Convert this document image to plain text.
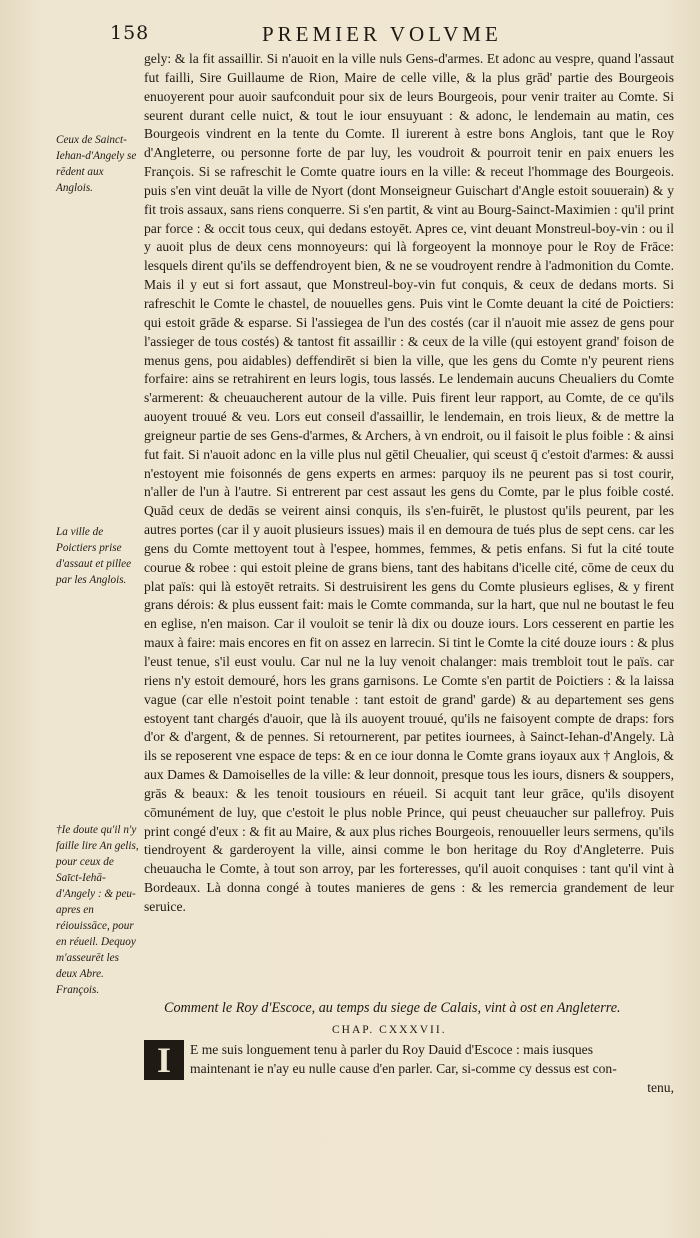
158	PREMIER VOLVME
Ceux de Sainct-Iehan-d'Angely se rēdent aux Anglois.
La ville de Poictiers prise d'assaut et pillee par les Anglois.
†Ie doute qu'il n'y faille lire An gelis, pour ceux de Saīct-Iehā-d'Angely : & peu-apres en réiouissāce, pour en réueil. Dequoy m'asseurēt les deux Abre. François.

gely: & la fit assaillir. Si n'auoit en la ville nuls Gens-d'armes. Et adonc au vespre, quand l'assaut fut failli, Sire Guillaume de Rion, Maire de celle ville, & la plus grād' partie des Bourgeois enuoyerent pour auoir saufconduit pour six de leurs Bourgeois, pour venir traiter au Comte. Si seurent durant celle nuict, & tout le iour ensuyuant : & adonc, le lendemain au matin, ces Bourgeois vindrent en la tente du Comte. Il iurerent à estre bons Anglois, tant que le Roy d'Angleterre, ou personne forte de par luy, les voudroit & pourroit tenir en paix enuers les François. Si se rafreschit le Comte quatre iours en la ville: & receut l'hommage des Bourgeois. puis s'en vint deuāt la ville de Nyort (dont Monseigneur Guischart d'Angle estoit souuerain) & y fit trois assaux, sans riens conquerre. Si s'en partit, & vint au Bourg-Sainct-Maximien : qu'il print par force : & occit tous ceux, qui dedans estoyēt. Apres ce, vint deuant Monstreul-boy-vin : ou il y auoit plus de deux cens monnoyeurs: qui là forgeoyent la monnoye pour le Roy de Frāce: lesquels dirent qu'ils se deffendroyent bien, & ne se voudroyent rendre à l'admonition du Comte. Mais il y eut si fort assaut, que Monstreul-boy-vin fut conquis, & ceux de dedans morts. Si rafreschit le Comte le chastel, de nouuelles gens. Puis vint le Comte deuant la cité de Poictiers: qui estoit grāde & esparse. Si l'assiegea de l'un des costés (car il n'auoit mie assez de gens pour l'assieger de tous costés) & tantost fit assaillir : & ceux de la ville (qui estoyent grand' foison de menus gens, pou aidables) deffendirēt si bien la ville, que les gens du Comte n'y peurent riens forfaire: ains se retrahirent en leurs logis, tous lassés. Le lendemain aucuns Cheualiers du Comte s'armerent: & cheuaucherent autour de la ville. Puis firent leur rapport, au Comte, de ce qu'ils auoyent trouué & veu. Lors eut conseil d'assaillir, le lendemain, en trois lieux, & de mettre la greigneur partie de ses Gens-d'armes, & Archers, à vn endroit, ou il faisoit le plus foible : & ainsi fut fait. Si n'auoit adonc en la ville plus nul gētil Cheualier, qui sceust q̄ c'estoit d'armes: & aussi n'estoyent mie foisonnés de gens experts en armes: parquoy ils ne peurent pas si tost courir, n'aller de l'un à l'autre. Si entrerent par cest assaut les gens du Comte, par le plus foible costé. Quād ceux de dedās se veirent ainsi conquis, ils s'en-fuirēt, le plustost qu'ils peurent, par les autres portes (car il y auoit plusieurs issues) mais il en demoura de tués plus de sept cens. car les gens du Comte mettoyent tout à l'espee, hommes, femmes, & petis enfans. Si fut la cité toute courue & robee : qui estoit pleine de grans biens, tant des habitans d'icelle cité, cōme de ceux du plat païs: qui là estoyēt retraits. Si destruisirent les gens du Comte plusieurs eglises, & y firent grans dérois: & plus eussent fait: mais le Comte commanda, sur la hart, que nul ne boutast le feu en eglise, n'en maison. Car il vouloit se tenir là dix ou douze iours. Lors cesserent en partie les maux à faire: mais encores en fit on assez en larrecin. Si tint le Comte la cité douze iours : & plus l'eust tenue, s'il eust voulu. Car nul ne la luy venoit chalanger: mais trembloit tout le païs. car riens n'y estoit demouré, hors les grans garnisons. Le Comte s'en partit de Poictiers : & la laissa vague (car elle n'estoit point tenable : tant estoit de grand' garde) & au departement ses gens estoyent tant chargés d'auoir, que là ils auoyent trouué, qu'ils ne faisoyent compte de draps: fors d'or & d'argent, & de pennes. Si retournerent, par petites iournees, à Sainct-Iehan-d'Angely. Là ils se reposerent vne espace de teps: & en ce iour donna le Comte grans ioyaux aux † Anglois, & aux Dames & Damoiselles de la ville: & leur donnoit, presque tous les iours, disners & souppers, grās & beaux: & les tenoit tousiours en réueil. Si acquit tant leur grāce, qu'ils disoyent cōmunément de luy, que c'estoit le plus noble Prince, qui peust cheuaucher sur pallefroy. Puis print congé d'eux : & fit au Maire, & aux plus riches Bourgeois, renouueller leurs sermens, qu'ils tiendroyent & garderoyent la ville, ainsi comme le bon heritage du Roy d'Angleterre. Puis cheuaucha le Comte, à tout son arroy, par les forteresses, qu'il auoit conquises : tant qu'il vint à Bordeaux. Là donna congé à toutes manieres de gens : & les remercia grandement de leur seruice.

Comment le Roy d'Escoce, au temps du siege de Calais, vint à ost en Angleterre.
CHAP. CXXXVII.
E me suis longuement tenu à parler du Roy Dauid d'Escoce : mais iusques
maintenant ie n'ay eu nulle cause d'en parler. Car, si-comme cy dessus est con-
tenu,
I
